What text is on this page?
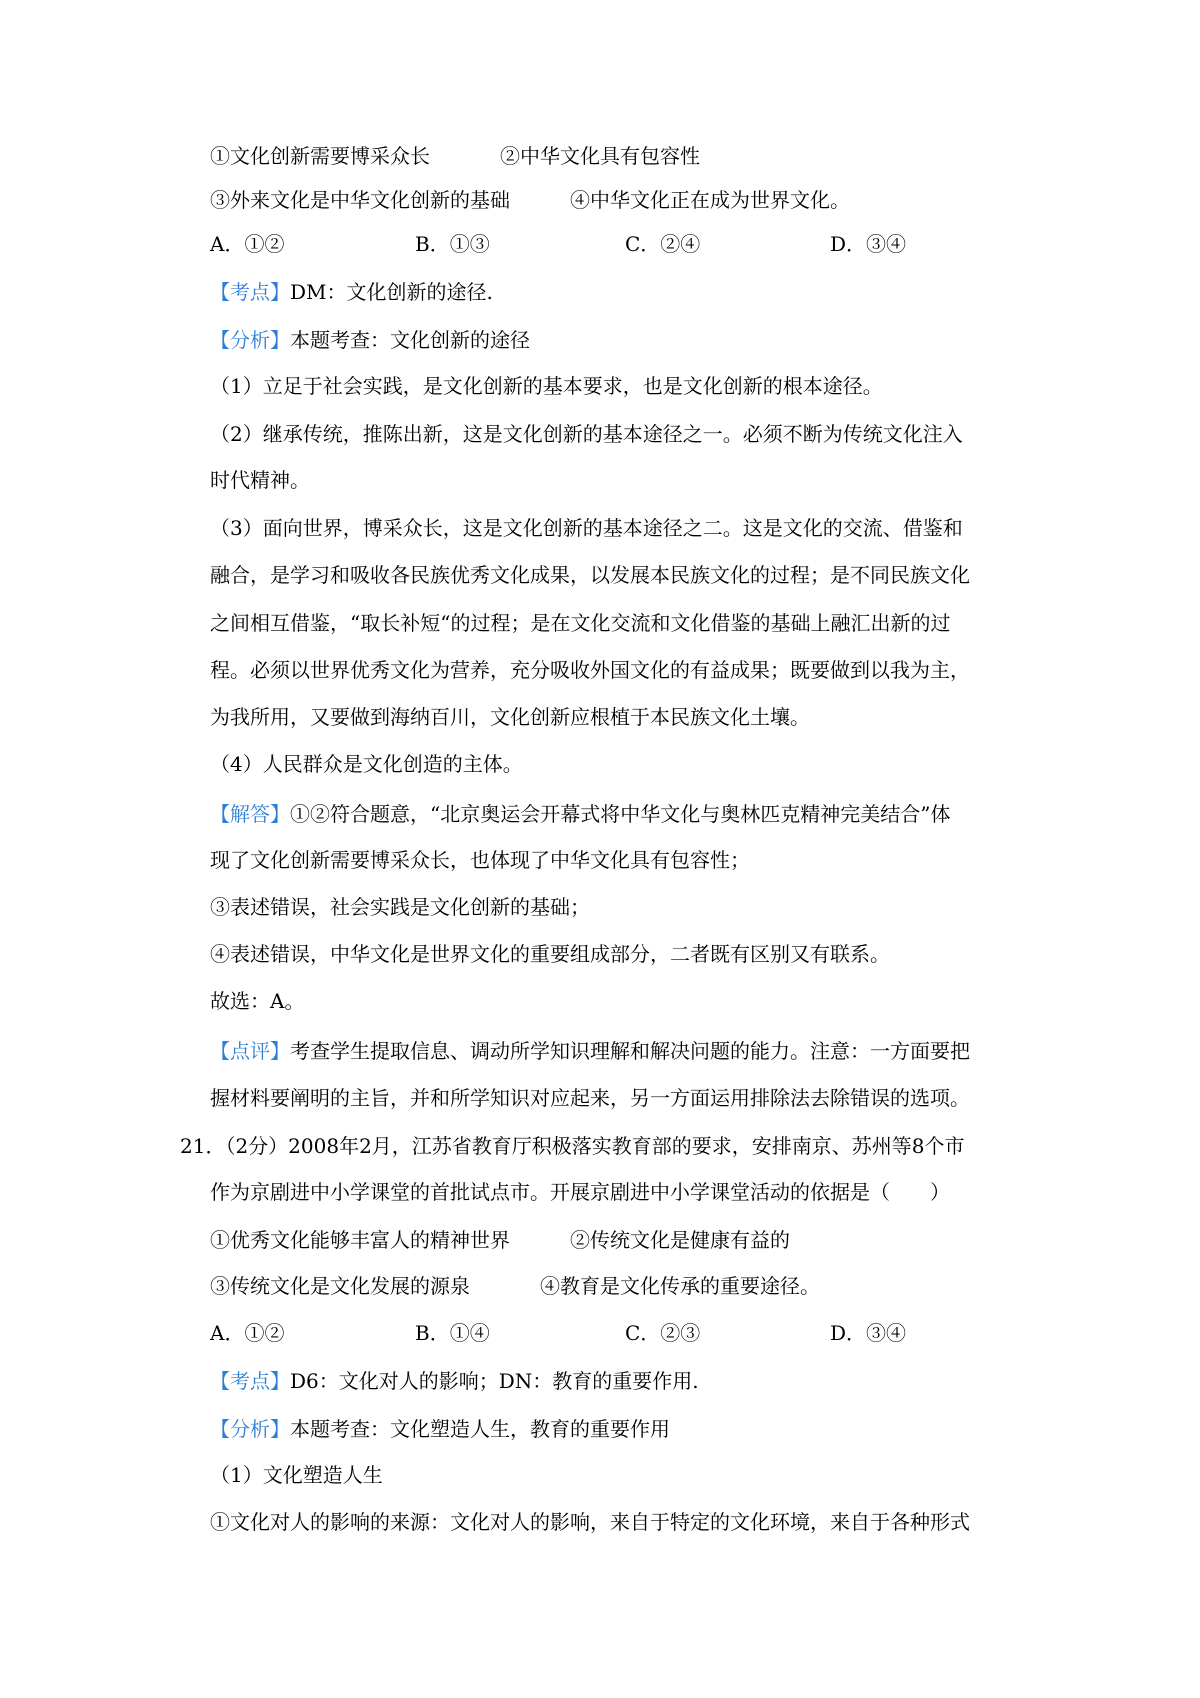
①文化创新需要博采众长	②中华文化具有包容性
③外来文化是中华文化创新的基础	④中华文化正在成为世界文化。
A．①②	B．①③	C．②④	D．③④
【考点】DM：文化创新的途径.
【分析】本题考查：文化创新的途径
（1）立足于社会实践，是文化创新的基本要求，也是文化创新的根本途径。
（2）继承传统，推陈出新，这是文化创新的基本途径之一。必须不断为传统文化注入
时代精神。
（3）面向世界，博采众长，这是文化创新的基本途径之二。这是文化的交流、借鉴和
融合，是学习和吸收各民族优秀文化成果，以发展本民族文化的过程；是不同民族文化
之间相互借鉴，“取长补短“的过程；是在文化交流和文化借鉴的基础上融汇出新的过
程。必须以世界优秀文化为营养，充分吸收外国文化的有益成果；既要做到以我为主，
为我所用，又要做到海纳百川，文化创新应根植于本民族文化土壤。
（4）人民群众是文化创造的主体。
【解答】①②符合题意，“北京奥运会开幕式将中华文化与奥林匹克精神完美结合”体
现了文化创新需要博采众长，也体现了中华文化具有包容性；
③表述错误，社会实践是文化创新的基础；
④表述错误，中华文化是世界文化的重要组成部分，二者既有区别又有联系。
故选：A。
【点评】考查学生提取信息、调动所学知识理解和解决问题的能力。注意：一方面要把
握材料要阐明的主旨，并和所学知识对应起来，另一方面运用排除法去除错误的选项。
21．（2分）2008年2月，江苏省教育厅积极落实教育部的要求，安排南京、苏州等8个市
作为京剧进中小学课堂的首批试点市。开展京剧进中小学课堂活动的依据是（　　）
①优秀文化能够丰富人的精神世界	②传统文化是健康有益的
③传统文化是文化发展的源泉	④教育是文化传承的重要途径。
A．①②	B．①④	C．②③	D．③④
【考点】D6：文化对人的影响；DN：教育的重要作用.
【分析】本题考查：文化塑造人生，教育的重要作用
（1）文化塑造人生
①文化对人的影响的来源：文化对人的影响，来自于特定的文化环境，来自于各种形式
